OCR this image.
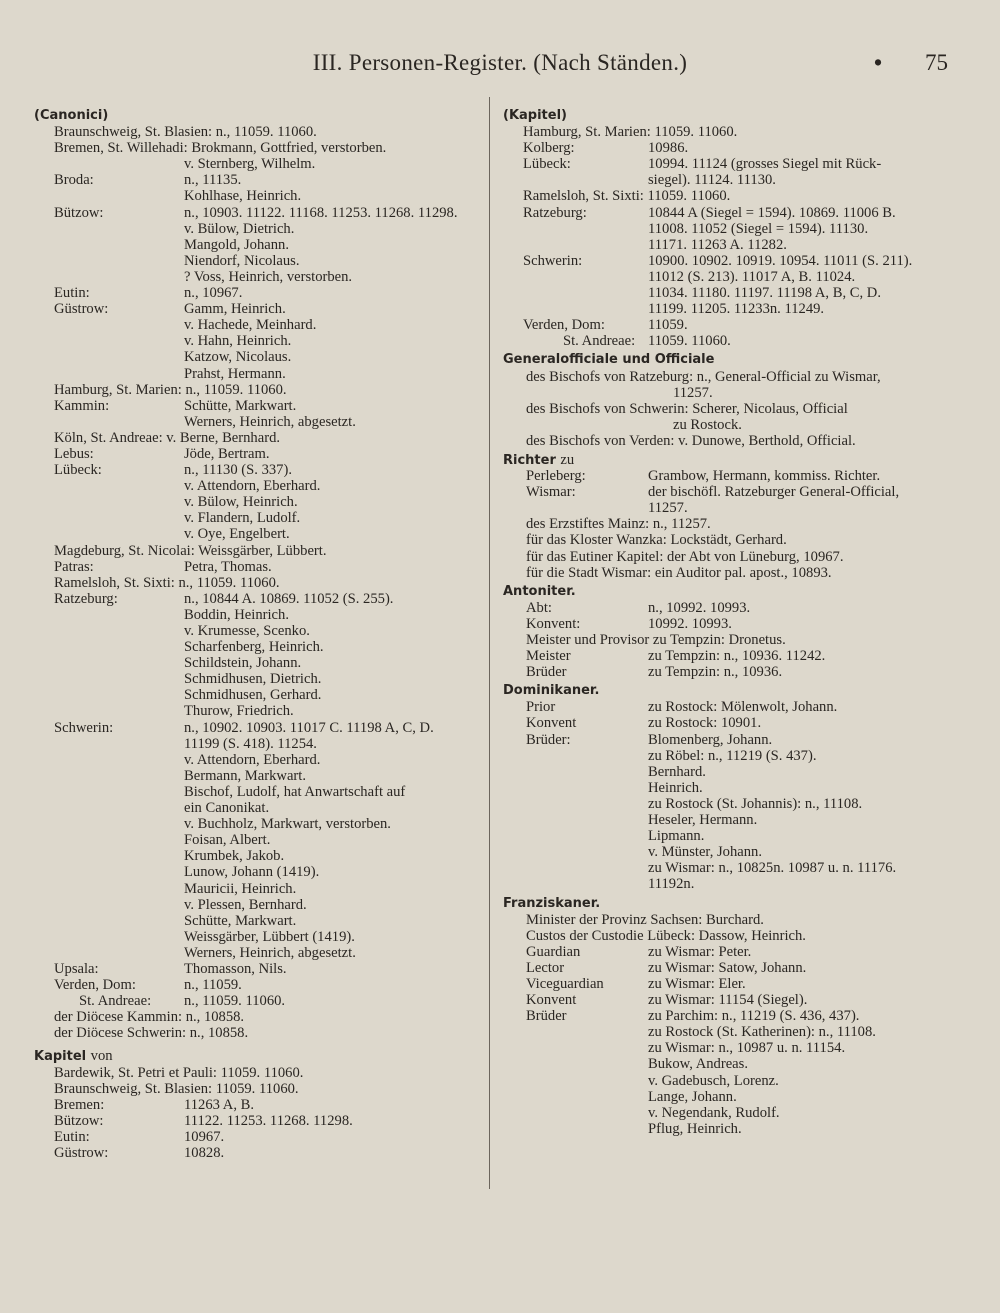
III. Personen-Register. (Nach Ständen.)	• 75
(Canonici)
Braunschweig, St. Blasien: n., 11059. 11060.
Bremen, St. Willehadi: Brokmann, Gottfried, verstorben.
v. Sternberg, Wilhelm.
Broda:	n., 11135.
Kohlhase, Heinrich.
Bützow:	n., 10903. 11122. 11168. 11253. 11268. 11298.
v. Bülow, Dietrich.
Mangold, Johann.
Niendorf, Nicolaus.
? Voss, Heinrich, verstorben.
Eutin:	n., 10967.
Güstrow:	Gamm, Heinrich.
v. Hachede, Meinhard.
v. Hahn, Heinrich.
Katzow, Nicolaus.
Prahst, Hermann.
Hamburg, St. Marien: n., 11059. 11060.
Kammin:	Schütte, Markwart.
Werners, Heinrich, abgesetzt.
Köln, St. Andreae: v. Berne, Bernhard.
Lebus:	Jöde, Bertram.
Lübeck:	n., 11130 (S. 337).
v. Attendorn, Eberhard.
v. Bülow, Heinrich.
v. Flandern, Ludolf.
v. Oye, Engelbert.
Magdeburg, St. Nicolai: Weissgärber, Lübbert.
Patras:	Petra, Thomas.
Ramelsloh, St. Sixti: n., 11059. 11060.
Ratzeburg:	n., 10844 A. 10869. 11052 (S. 255).
Boddin, Heinrich.
v. Krumesse, Scenko.
Scharfenberg, Heinrich.
Schildstein, Johann.
Schmidhusen, Dietrich.
Schmidhusen, Gerhard.
Thurow, Friedrich.
Schwerin:	n., 10902. 10903. 11017 C. 11198 A, C, D.
11199 (S. 418). 11254.
v. Attendorn, Eberhard.
Bermann, Markwart.
Bischof, Ludolf, hat Anwartschaft auf
ein Canonikat.
v. Buchholz, Markwart, verstorben.
Foisan, Albert.
Krumbek, Jakob.
Lunow, Johann (1419).
Mauricii, Heinrich.
v. Plessen, Bernhard.
Schütte, Markwart.
Weissgärber, Lübbert (1419).
Werners, Heinrich, abgesetzt.
Upsala:	Thomasson, Nils.
Verden, Dom:	n., 11059.
St. Andreae: n., 11059. 11060.
der Diöcese Kammin: n., 10858.
der Diöcese Schwerin: n., 10858.
Kapitel von
Bardewik, St. Petri et Pauli: 11059. 11060.
Braunschweig, St. Blasien: 11059. 11060.
Bremen:	11263 A, B.
Bützow:	11122. 11253. 11268. 11298.
Eutin:	10967.
Güstrow:	10828.
(Kapitel)
Hamburg, St. Marien: 11059. 11060.
Kolberg:	10986.
Lübeck:	10994. 11124 (grosses Siegel mit Rück-
siegel). 11124. 11130.
Ramelsloh, St. Sixti: 11059. 11060.
Ratzeburg:	10844 A (Siegel = 1594). 10869. 11006 B.
11008. 11052 (Siegel = 1594). 11130.
11171. 11263 A. 11282.
Schwerin:	10900. 10902. 10919. 10954. 11011 (S. 211).
11012 (S. 213). 11017 A, B. 11024.
11034. 11180. 11197. 11198 A, B, C, D.
11199. 11205. 11233n. 11249.
Verden, Dom:	11059.
St. Andreae: 11059. 11060.
Generalofficiale und Officiale
des Bischofs von Ratzeburg: n., General-Official zu Wismar,
11257.
des Bischofs von Schwerin: Scherer, Nicolaus, Official
zu Rostock.
des Bischofs von Verden: v. Dunowe, Berthold, Official.
Richter zu
Perleberg:	Grambow, Hermann, kommiss. Richter.
Wismar:	der bischöfl. Ratzeburger General-Official,
11257.
des Erzstiftes Mainz: n., 11257.
für das Kloster Wanzka: Lockstädt, Gerhard.
für das Eutiner Kapitel: der Abt von Lüneburg, 10967.
für die Stadt Wismar: ein Auditor pal. apost., 10893.
Antoniter.
Abt:	n., 10992. 10993.
Konvent:	10992. 10993.
Meister und Provisor zu Tempzin: Dronetus.
Meister	zu Tempzin: n., 10936. 11242.
Brüder	zu Tempzin: n., 10936.
Dominikaner.
Prior	zu Rostock: Mölenwolt, Johann.
Konvent	zu Rostock: 10901.
Brüder:	Blomenberg, Johann.
zu Röbel: n., 11219 (S. 437).
Bernhard.
Heinrich.
zu Rostock (St. Johannis): n., 11108.
Heseler, Hermann.
Lipmann.
v. Münster, Johann.
zu Wismar: n., 10825n. 10987 u. n. 11176.
11192n.
Franziskaner.
Minister der Provinz Sachsen: Burchard.
Custos der Custodie Lübeck: Dassow, Heinrich.
Guardian	zu Wismar: Peter.
Lector	zu Wismar: Satow, Johann.
Viceguardian	zu Wismar: Eler.
Konvent	zu Wismar: 11154 (Siegel).
Brüder	zu Parchim: n., 11219 (S. 436, 437).
zu Rostock (St. Katherinen): n., 11108.
zu Wismar: n., 10987 u. n. 11154.
Bukow, Andreas.
v. Gadebusch, Lorenz.
Lange, Johann.
v. Negendank, Rudolf.
Pflug, Heinrich.
